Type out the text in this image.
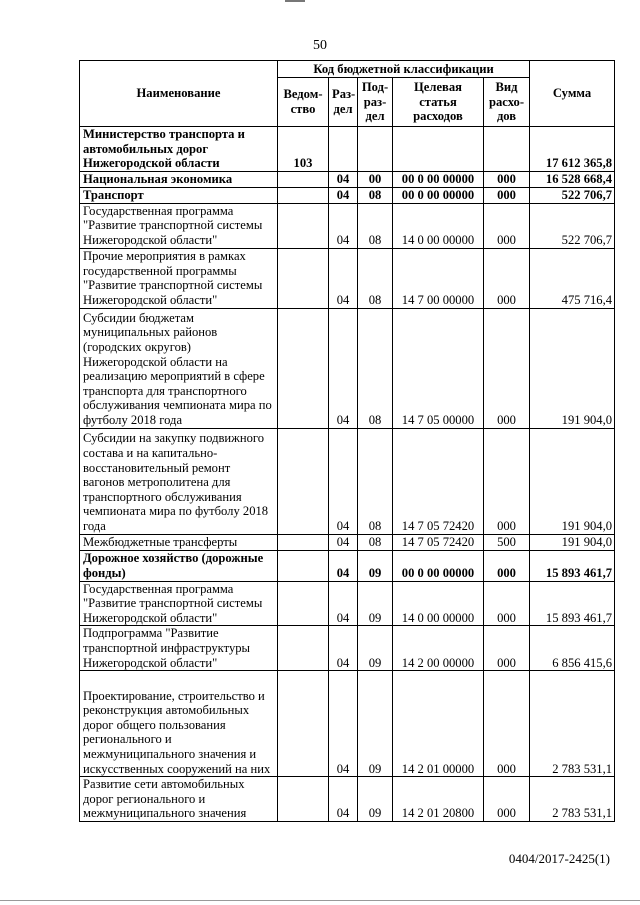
50
Наименование	Код бюджетной классификации					Сумма
	Ведом-ство	Раз-дел	Под-раз-дел	Целевая статья расходов	Вид расхо-дов	
Министерство транспорта и автомобильных дорог Нижегородской области	103					17 612 365,8
Национальная экономика		04	00	00 0 00 00000	000	16 528 668,4
Транспорт		04	08	00 0 00 00000	000	522 706,7
Государственная программа "Развитие транспортной системы Нижегородской области"		04	08	14 0 00 00000	000	522 706,7
Прочие мероприятия в рамках государственной программы "Развитие транспортной системы Нижегородской области"		04	08	14 7 00 00000	000	475 716,4
Субсидии бюджетам муниципальных районов (городских округов) Нижегородской области на реализацию мероприятий в сфере транспорта для транспортного обслуживания чемпионата мира по футболу 2018 года		04	08	14 7 05 00000	000	191 904,0
Субсидии на закупку подвижного состава и на капитально-восстановительный ремонт вагонов метрополитена для транспортного обслуживания чемпионата мира по футболу 2018 года		04	08	14 7 05 72420	000	191 904,0
Межбюджетные трансферты		04	08	14 7 05 72420	500	191 904,0
Дорожное хозяйство (дорожные фонды)		04	09	00 0 00 00000	000	15 893 461,7
Государственная программа "Развитие транспортной системы Нижегородской области"		04	09	14 0 00 00000	000	15 893 461,7
Подпрограмма "Развитие транспортной инфраструктуры Нижегородской области"		04	09	14 2 00 00000	000	6 856 415,6
Проектирование, строительство и реконструкция автомобильных дорог общего пользования регионального и межмуниципального значения и искусственных сооружений на них		04	09	14 2 01 00000	000	2 783 531,1
Развитие сети автомобильных дорог регионального и межмуниципального значения		04	09	14 2 01 20800	000	2 783 531,1
0404/2017-2425(1)
